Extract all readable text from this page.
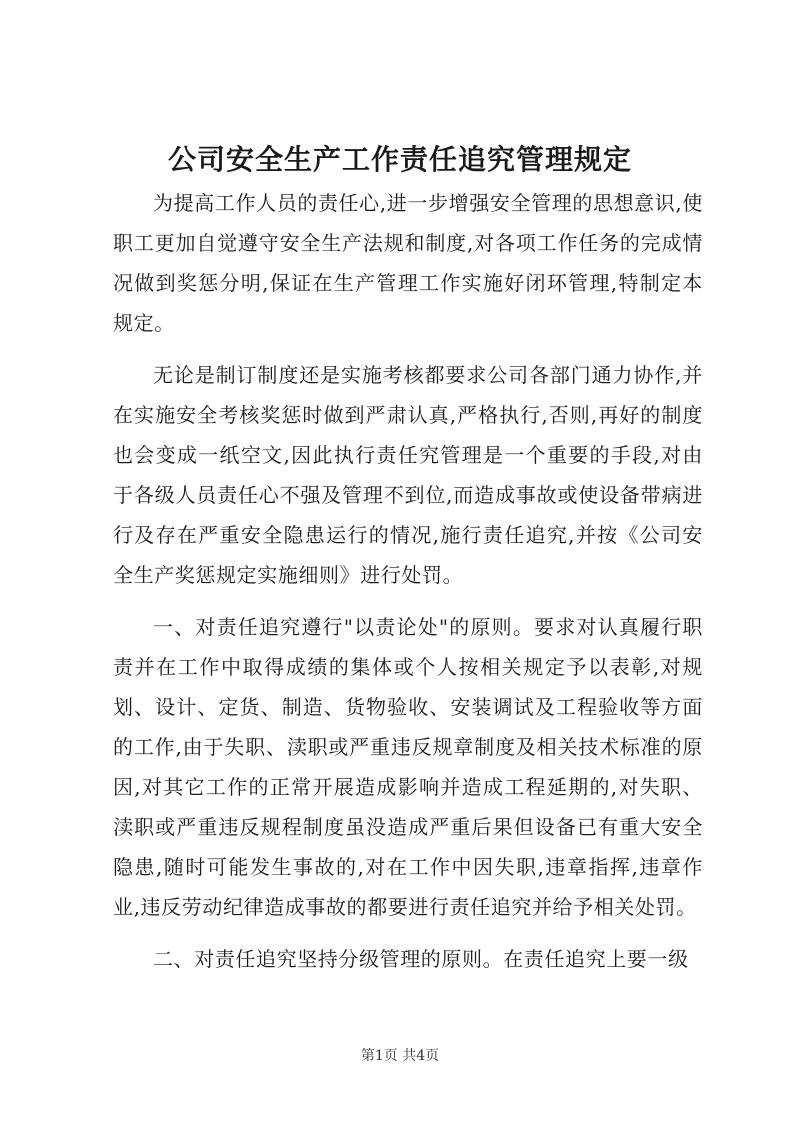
公司安全生产工作责任追究管理规定

为提高工作人员的责任心,进一步增强安全管理的思想意识,使职工更加自觉遵守安全生产法规和制度,对各项工作任务的完成情况做到奖惩分明,保证在生产管理工作实施好闭环管理,特制定本规定。

无论是制订制度还是实施考核都要求公司各部门通力协作,并在实施安全考核奖惩时做到严肃认真,严格执行,否则,再好的制度也会变成一纸空文,因此执行责任究管理是一个重要的手段,对由于各级人员责任心不强及管理不到位,而造成事故或使设备带病进行及存在严重安全隐患运行的情况,施行责任追究,并按《公司安全生产奖惩规定实施细则》进行处罚。

一、对责任追究遵行"以责论处"的原则。要求对认真履行职责并在工作中取得成绩的集体或个人按相关规定予以表彰,对规划、设计、定货、制造、货物验收、安装调试及工程验收等方面的工作,由于失职、渎职或严重违反规章制度及相关技术标准的原因,对其它工作的正常开展造成影响并造成工程延期的,对失职、渎职或严重违反规程制度虽没造成严重后果但设备已有重大安全隐患,随时可能发生事故的,对在工作中因失职,违章指挥,违章作业,违反劳动纪律造成事故的都要进行责任追究并给予相关处罚。

二、对责任追究坚持分级管理的原则。在责任追究上要一级

第1页 共4页
